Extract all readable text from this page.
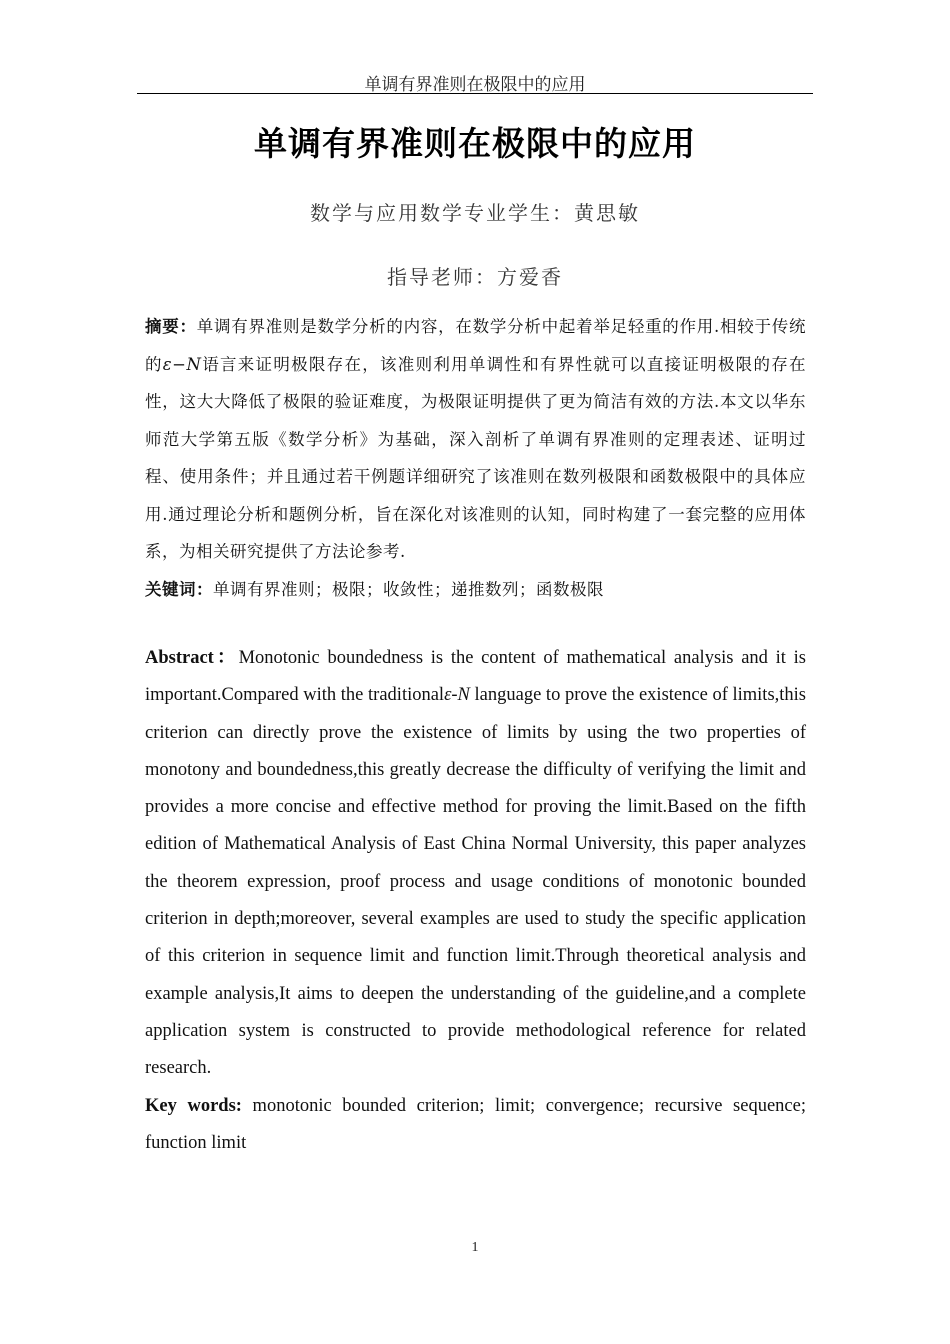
单调有界准则在极限中的应用
单调有界准则在极限中的应用
数学与应用数学专业学生：黄思敏
指导老师：方爱香

摘要：单调有界准则是数学分析的内容，在数学分析中起着举足轻重的作用.相较于传统的ε−N语言来证明极限存在，该准则利用单调性和有界性就可以直接证明极限的存在性，这大大降低了极限的验证难度，为极限证明提供了更为简洁有效的方法.本文以华东师范大学第五版《数学分析》为基础，深入剖析了单调有界准则的定理表述、证明过程、使用条件；并且通过若干例题详细研究了该准则在数列极限和函数极限中的具体应用.通过理论分析和题例分析，旨在深化对该准则的认知，同时构建了一套完整的应用体系，为相关研究提供了方法论参考.

关键词：单调有界准则；极限；收敛性；递推数列；函数极限

Abstract：Monotonic boundedness is the content of mathematical analysis and it is important.Compared with the traditionalε-N language to prove the existence of limits,this criterion can directly prove the existence of limits by using the two properties of monotony and boundedness,this greatly decrease the difficulty of verifying the limit and provides a more concise and effective method for proving the limit.Based on the fifth edition of Mathematical Analysis of East China Normal University, this paper analyzes the theorem expression, proof process and usage conditions of monotonic bounded criterion in depth;moreover, several examples are used to study the specific application of this criterion in sequence limit and function limit.Through theoretical analysis and example analysis,It aims to deepen the understanding of the guideline,and a complete application system is constructed to provide methodological reference for related research.

Key words: monotonic bounded criterion; limit; convergence; recursive sequence; function limit

1
